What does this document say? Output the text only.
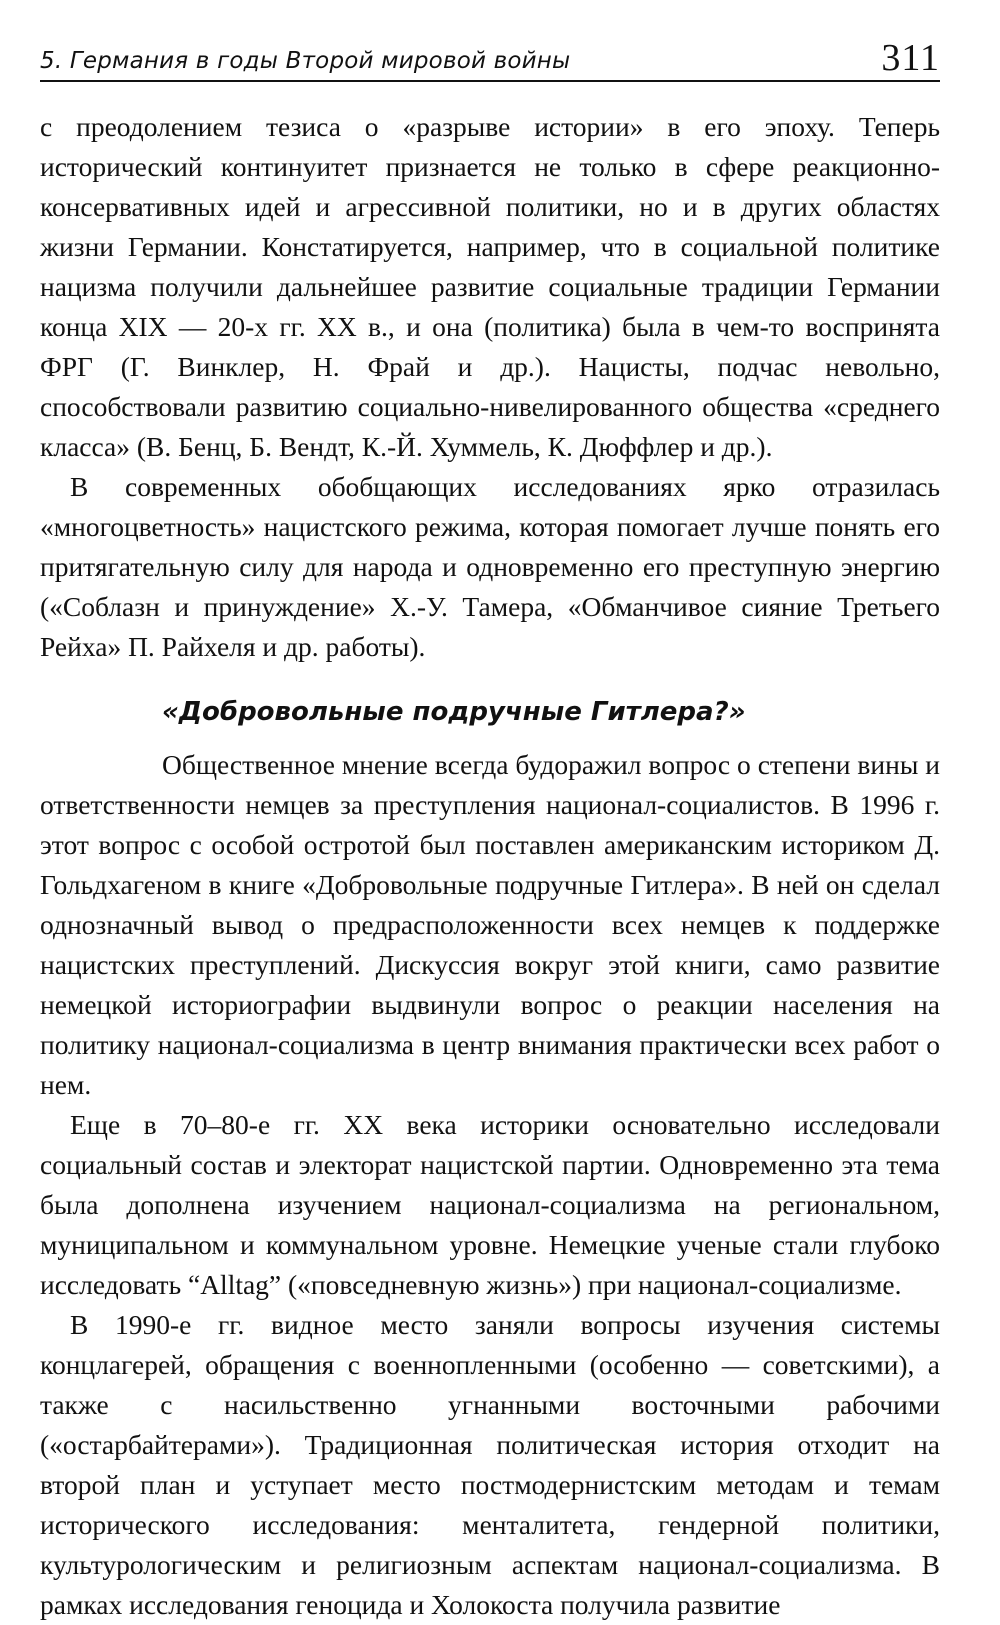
5. Германия в годы Второй мировой войны	311

с преодолением тезиса о «разрыве истории» в его эпоху. Теперь исторический континуитет признается не только в сфере реакционно-консервативных идей и агрессивной политики, но и в других областях жизни Германии. Констатируется, например, что в социальной политике нацизма получили дальнейшее развитие социальные традиции Германии конца XIX — 20-х гг. XX в., и она (политика) была в чем-то воспринята ФРГ (Г. Винклер, Н. Фрай и др.). Нацисты, подчас невольно, способствовали развитию социально-нивелированного общества «среднего класса» (В. Бенц, Б. Вендт, К.-Й. Хуммель, К. Дюффлер и др.).

В современных обобщающих исследованиях ярко отразилась «многоцветность» нацистского режима, которая помогает лучше понять его притягательную силу для народа и одновременно его преступную энергию («Соблазн и принуждение» Х.-У. Тамера, «Обманчивое сияние Третьего Рейха» П. Райхеля и др. работы).

«Добровольные подручные Гитлера?»

Общественное мнение всегда будоражил вопрос о степени вины и ответственности немцев за преступления национал-социалистов. В 1996 г. этот вопрос с особой остротой был поставлен американским историком Д. Гольдхагеном в книге «Добровольные подручные Гитлера». В ней он сделал однозначный вывод о предрасположенности всех немцев к поддержке нацистских преступлений. Дискуссия вокруг этой книги, само развитие немецкой историографии выдвинули вопрос о реакции населения на политику национал-социализма в центр внимания практически всех работ о нем.

Еще в 70–80-е гг. XX века историки основательно исследовали социальный состав и электорат нацистской партии. Одновременно эта тема была дополнена изучением национал-социализма на региональном, муниципальном и коммунальном уровне. Немецкие ученые стали глубоко исследовать “Alltag” («повседневную жизнь») при национал-социализме.

В 1990-е гг. видное место заняли вопросы изучения системы концлагерей, обращения с военнопленными (особенно — советскими), а также с насильственно угнанными восточными рабочими («остарбайтерами»). Традиционная политическая история отходит на второй план и уступает место постмодернистским методам и темам исторического исследования: менталитета, гендерной политики, культурологическим и религиозным аспектам национал-социализма. В рамках исследования геноцида и Холокоста получила развитие
